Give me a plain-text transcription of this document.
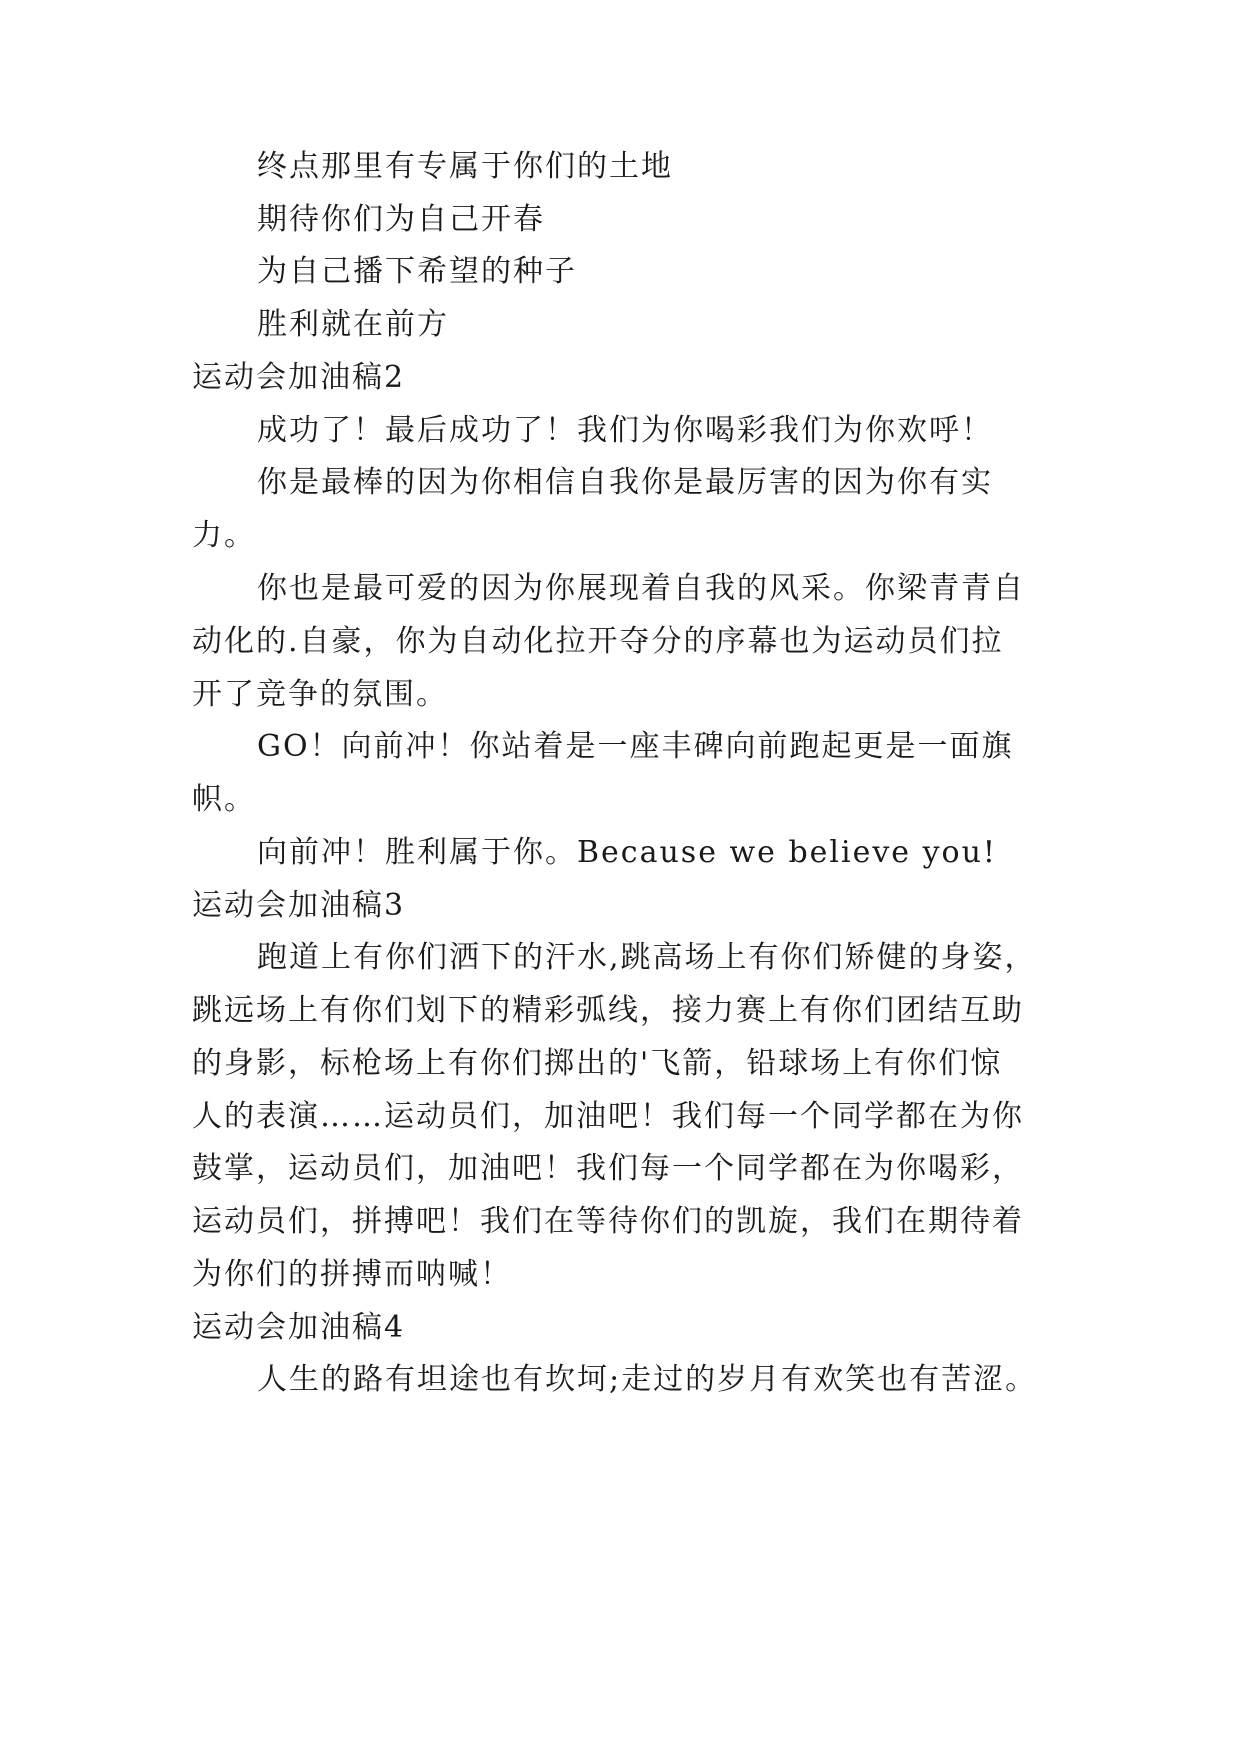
终点那里有专属于你们的土地
期待你们为自己开春
为自己播下希望的种子
胜利就在前方
运动会加油稿2
成功了！最后成功了！我们为你喝彩我们为你欢呼！
你是最棒的因为你相信自我你是最厉害的因为你有实
力。
你也是最可爱的因为你展现着自我的风采。你梁青青自
动化的.自豪，你为自动化拉开夺分的序幕也为运动员们拉
开了竞争的氛围。
GO！向前冲！你站着是一座丰碑向前跑起更是一面旗
帜。
向前冲！胜利属于你。Because we believe you!
运动会加油稿3
跑道上有你们洒下的汗水,跳高场上有你们矫健的身姿，
跳远场上有你们划下的精彩弧线，接力赛上有你们团结互助
的身影，标枪场上有你们掷出的'飞箭，铅球场上有你们惊
人的表演……运动员们，加油吧！我们每一个同学都在为你
鼓掌，运动员们，加油吧！我们每一个同学都在为你喝彩，
运动员们，拼搏吧！我们在等待你们的凯旋，我们在期待着
为你们的拼搏而呐喊！
运动会加油稿4
人生的路有坦途也有坎坷;走过的岁月有欢笑也有苦涩。
